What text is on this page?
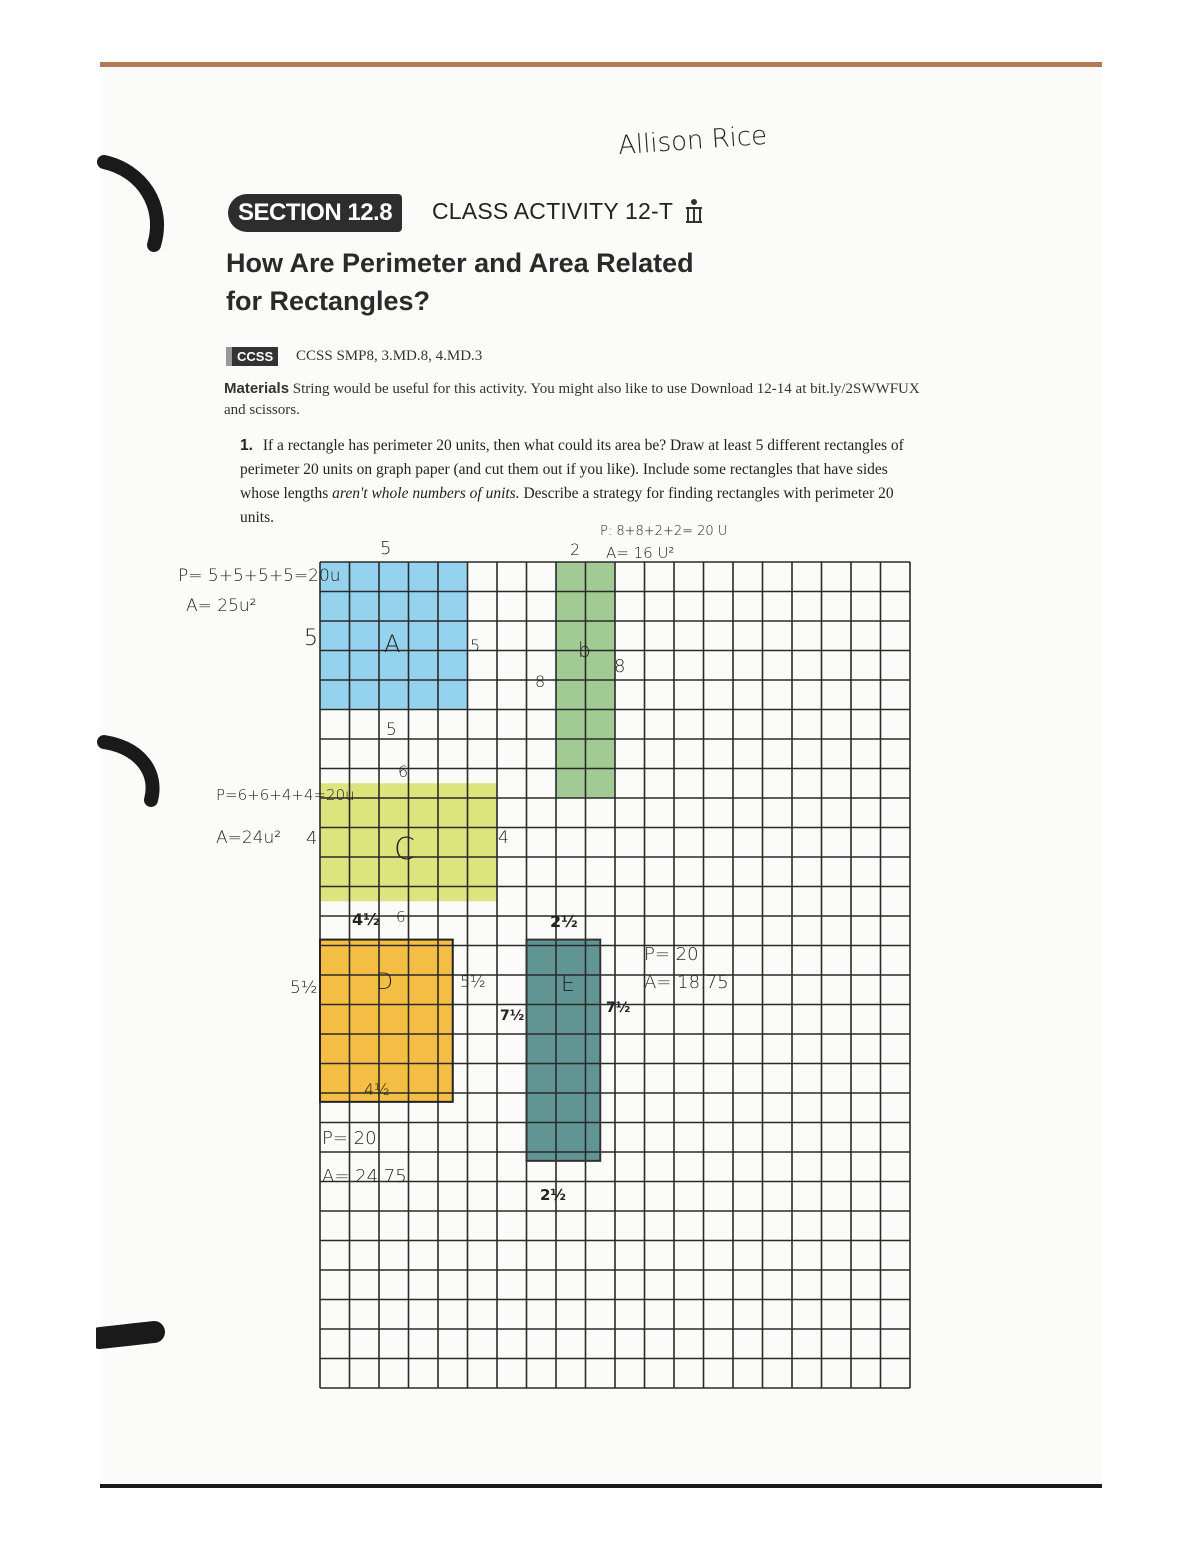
Allison Rice
SECTION 12.8	CLASS ACTIVITY 12-T
How Are Perimeter and Area Related
for Rectangles?
CCSS	CCSS SMP8, 3.MD.8, 4.MD.3
Materials String would be useful for this activity. You might also like to use Download 12-14 at bit.ly/2SWWFUX and scissors.
1. If a rectangle has perimeter 20 units, then what could its area be? Draw at least 5 different rectangles of perimeter 20 units on graph paper (and cut them out if you like). Include some rectangles that have sides whose lengths aren't whole numbers of units. Describe a strategy for finding rectangles with perimeter 20 units.
A	b
C
D	E
P= 5+5+5+5=20u
A= 25u²
5
5	5
5
P: 8+8+2+2= 20 U
A= 16 U²
2
8
8
P=6+6+4+4=20u
A=24u²
6
4	4
4½ 6
5½	5½
4½
P= 20
A= 24.75
2½
7½	7½
2½
P= 20
A= 18.75
